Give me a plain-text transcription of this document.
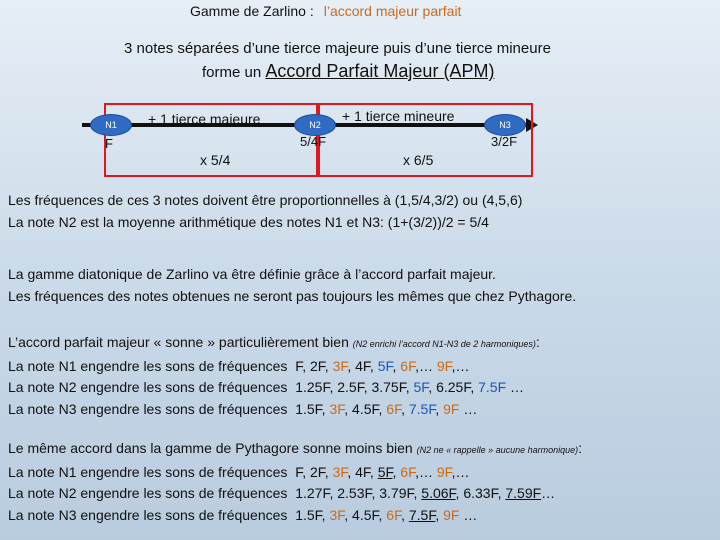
Gamme de Zarlino : l’accord majeur parfait
3 notes séparées d’une tierce majeure puis d’une tierce mineure
forme un Accord Parfait Majeur (APM)
N1	N2	N3
F	5/4F	3/2F
+ 1 tierce majeure	+ 1 tierce mineure
x 5/4	x 6/5
Les fréquences de ces 3 notes doivent être proportionnelles à (1,5/4,3/2) ou (4,5,6)
La note N2 est la moyenne arithmétique des notes N1 et N3: (1+(3/2))/2 = 5/4
La gamme diatonique de Zarlino va être définie grâce à l’accord parfait majeur.
Les fréquences des notes obtenues ne seront pas toujours les mêmes que chez Pythagore.
L’accord parfait majeur « sonne » particulièrement bien (N2 enrichi l’accord N1-N3 de 2 harmoniques):
La note N1 engendre les sons de fréquences F, 2F, 3F, 4F, 5F, 6F,… 9F,…
La note N2 engendre les sons de fréquences 1.25F, 2.5F, 3.75F, 5F, 6.25F, 7.5F …
La note N3 engendre les sons de fréquences 1.5F, 3F, 4.5F, 6F, 7.5F, 9F …
Le même accord dans la gamme de Pythagore sonne moins bien (N2 ne « rappelle » aucune harmonique):
La note N1 engendre les sons de fréquences F, 2F, 3F, 4F, 5F, 6F,… 9F,…
La note N2 engendre les sons de fréquences 1.27F, 2.53F, 3.79F, 5.06F, 6.33F, 7.59F…
La note N3 engendre les sons de fréquences 1.5F, 3F, 4.5F, 6F, 7.5F, 9F …
